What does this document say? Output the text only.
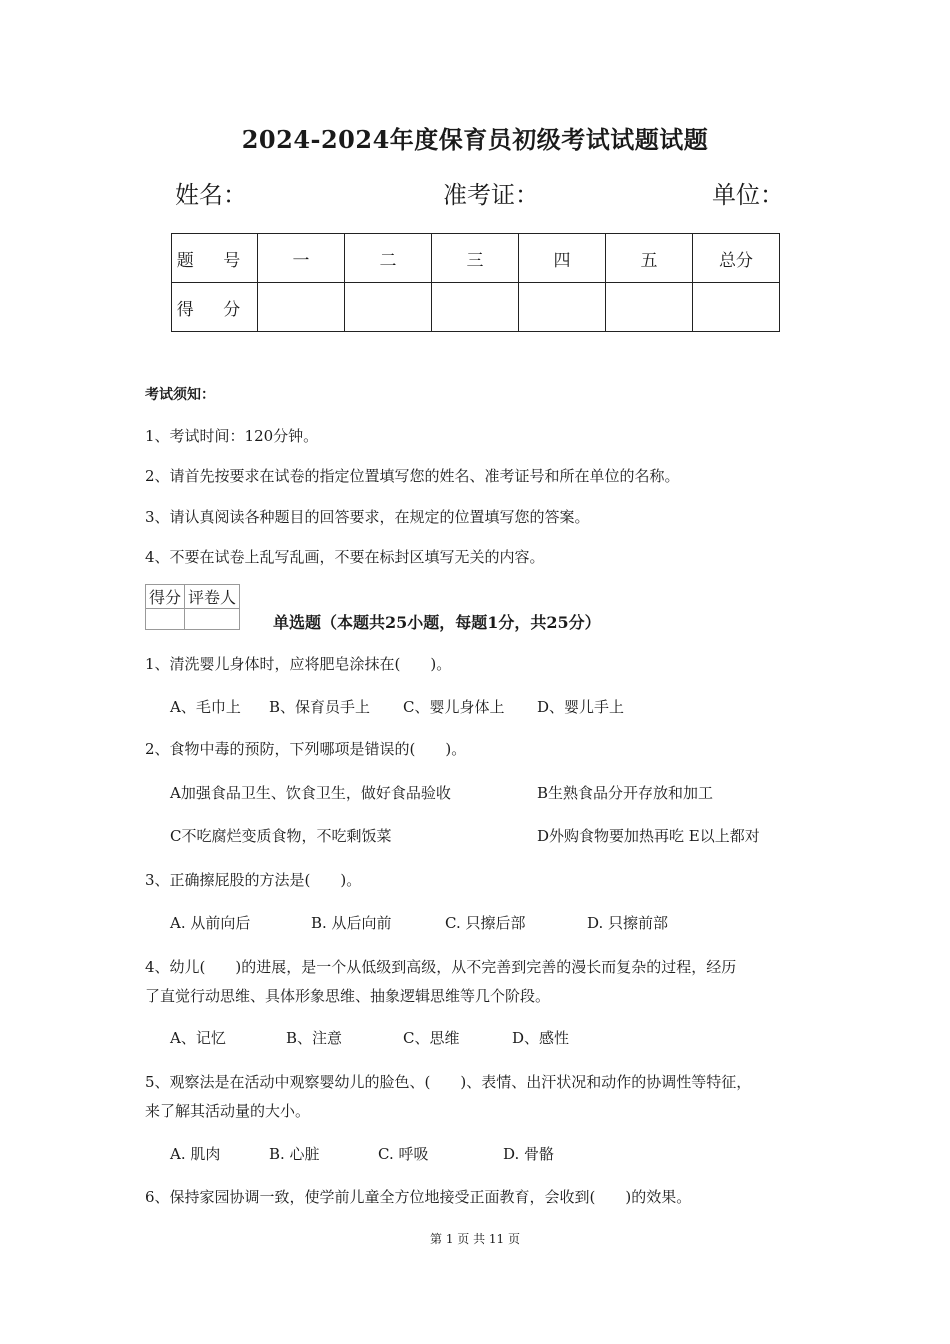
2024-2024年度保育员初级考试试题试题
姓名：	准考证：	单位：
题 号	一	二	三	四	五	总分
得 分						
考试须知：
1、考试时间：120分钟。
2、请首先按要求在试卷的指定位置填写您的姓名、准考证号和所在单位的名称。
3、请认真阅读各种题目的回答要求，在规定的位置填写您的答案。
4、不要在试卷上乱写乱画，不要在标封区填写无关的内容。
得分	评卷人

单选题（本题共25小题，每题1分，共25分）
1、清洗婴儿身体时，应将肥皂涂抹在(　　)。
A、毛巾上 B、保育员手上 C、婴儿身体上 D、婴儿手上
2、食物中毒的预防，下列哪项是错误的(　　)。
A加强食品卫生、饮食卫生，做好食品验收	B生熟食品分开存放和加工
C不吃腐烂变质食物，不吃剩饭菜	D外购食物要加热再吃 E以上都对
3、正确擦屁股的方法是(　　)。
A. 从前向后	B. 从后向前	C. 只擦后部	D. 只擦前部
4、幼儿(　　)的进展，是一个从低级到高级，从不完善到完善的漫长而复杂的过程，经历
了直觉行动思维、具体形象思维、抽象逻辑思维等几个阶段。
A、记忆	B、注意	C、思维	D、感性
5、观察法是在活动中观察婴幼儿的脸色、(　　)、表情、出汗状况和动作的协调性等特征，
来了解其活动量的大小。
A. 肌肉	B. 心脏	C. 呼吸	D. 骨骼
6、保持家园协调一致，使学前儿童全方位地接受正面教育，会收到(　　)的效果。
第 1 页 共 11 页
